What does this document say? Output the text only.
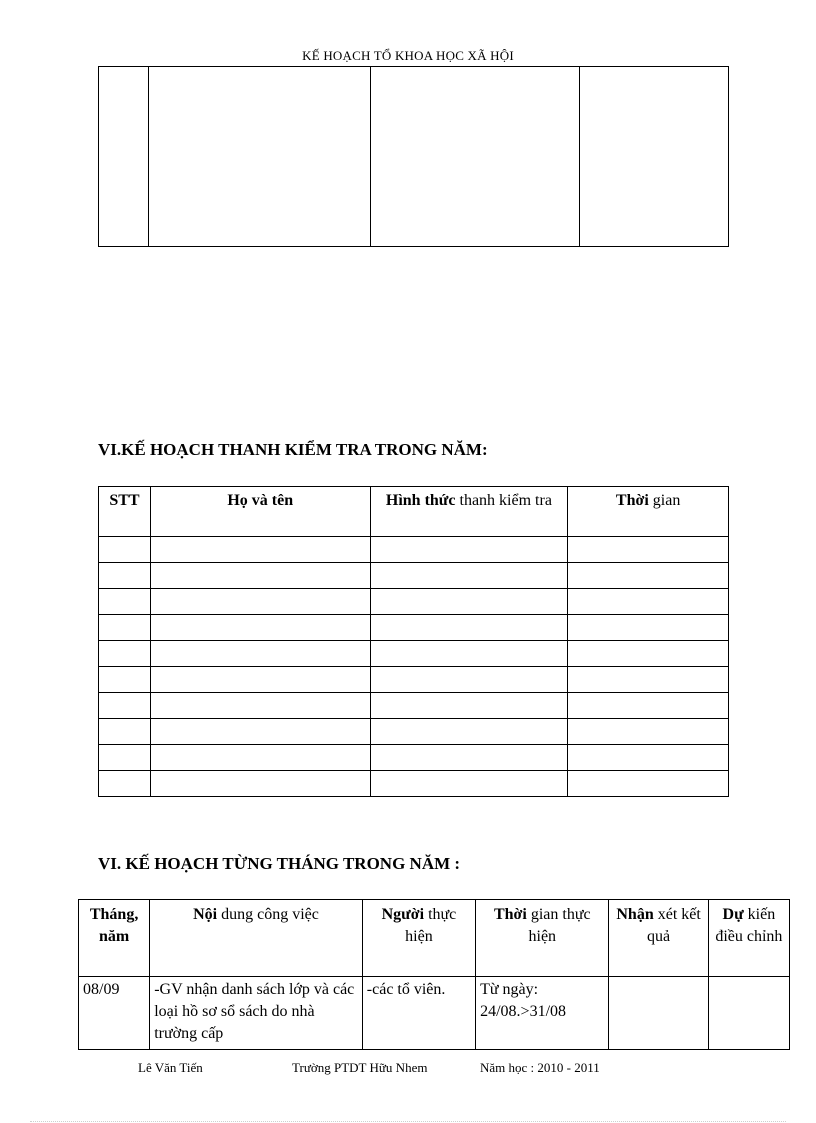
KẾ HOẠCH TỔ KHOA HỌC XÃ HỘI

VI.KẾ HOẠCH THANH KIỂM TRA TRONG NĂM:
STT	Họ và tên	Hình thức thanh kiểm tra	Thời gian

VI. KẾ HOẠCH TỪNG THÁNG TRONG NĂM :
Tháng, năm	Nội dung công việc	Người thực hiện	Thời gian thực hiện	Nhận xét kết quả	Dự kiến điều chỉnh
08/09	-GV nhận danh sách lớp và các loại hồ sơ sổ sách do nhà trường cấp	-các tổ viên.	Từ ngày: 24/08.>31/08		
Lê Văn Tiến	Trường PTDT Hữu Nhem	Năm học : 2010 - 2011
